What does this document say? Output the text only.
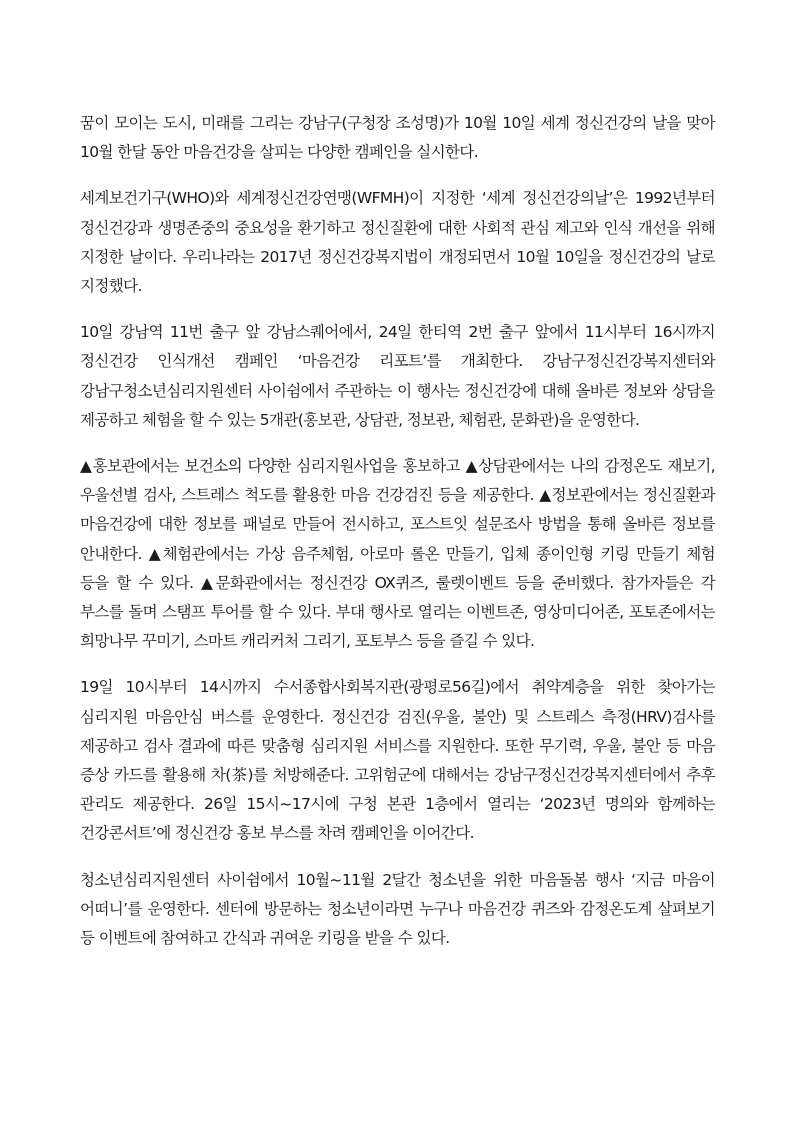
꿈이 모이는 도시, 미래를 그리는 강남구(구청장 조성명)가 10월 10일 세계 정신건강의 날을 맞아 10월 한달 동안 마음건강을 살피는 다양한 캠페인을 실시한다.

세계보건기구(WHO)와 세계정신건강연맹(WFMH)이 지정한 ‘세계 정신건강의날’은 1992년부터 정신건강과 생명존중의 중요성을 환기하고 정신질환에 대한 사회적 관심 제고와 인식 개선을 위해 지정한 날이다. 우리나라는 2017년 정신건강복지법이 개정되면서 10월 10일을 정신건강의 날로 지정했다.

10일 강남역 11번 출구 앞 강남스퀘어에서, 24일 한티역 2번 출구 앞에서 11시부터 16시까지 정신건강 인식개선 캠페인 ‘마음건강 리포트’를 개최한다. 강남구정신건강복지센터와 강남구청소년심리지원센터 사이쉼에서 주관하는 이 행사는 정신건강에 대해 올바른 정보와 상담을 제공하고 체험을 할 수 있는 5개관(홍보관, 상담관, 정보관, 체험관, 문화관)을 운영한다.

▲홍보관에서는 보건소의 다양한 심리지원사업을 홍보하고 ▲상담관에서는 나의 감정온도 재보기, 우울선별 검사, 스트레스 척도를 활용한 마음 건강검진 등을 제공한다. ▲정보관에서는 정신질환과 마음건강에 대한 정보를 패널로 만들어 전시하고, 포스트잇 설문조사 방법을 통해 올바른 정보를 안내한다. ▲체험관에서는 가상 음주체험, 아로마 롤온 만들기, 입체 종이인형 키링 만들기 체험 등을 할 수 있다. ▲문화관에서는 정신건강 OX퀴즈, 룰렛이벤트 등을 준비했다. 참가자들은 각 부스를 돌며 스탬프 투어를 할 수 있다. 부대 행사로 열리는 이벤트존, 영상미디어존, 포토존에서는 희망나무 꾸미기, 스마트 캐리커처 그리기, 포토부스 등을 즐길 수 있다.

19일 10시부터 14시까지 수서종합사회복지관(광평로56길)에서 취약계층을 위한 찾아가는 심리지원 마음안심 버스를 운영한다. 정신건강 검진(우울, 불안) 및 스트레스 측정(HRV)검사를 제공하고 검사 결과에 따른 맞춤형 심리지원 서비스를 지원한다. 또한 무기력, 우울, 불안 등 마음 증상 카드를 활용해 차(茶)를 처방해준다. 고위험군에 대해서는 강남구정신건강복지센터에서 추후 관리도 제공한다. 26일 15시~17시에 구청 본관 1층에서 열리는 ‘2023년 명의와 함께하는 건강콘서트’에 정신건강 홍보 부스를 차려 캠페인을 이어간다.

청소년심리지원센터 사이쉼에서 10월~11월 2달간 청소년을 위한 마음돌봄 행사 ‘지금 마음이 어떠니’를 운영한다. 센터에 방문하는 청소년이라면 누구나 마음건강 퀴즈와 감정온도계 살펴보기 등 이벤트에 참여하고 간식과 귀여운 키링을 받을 수 있다.
